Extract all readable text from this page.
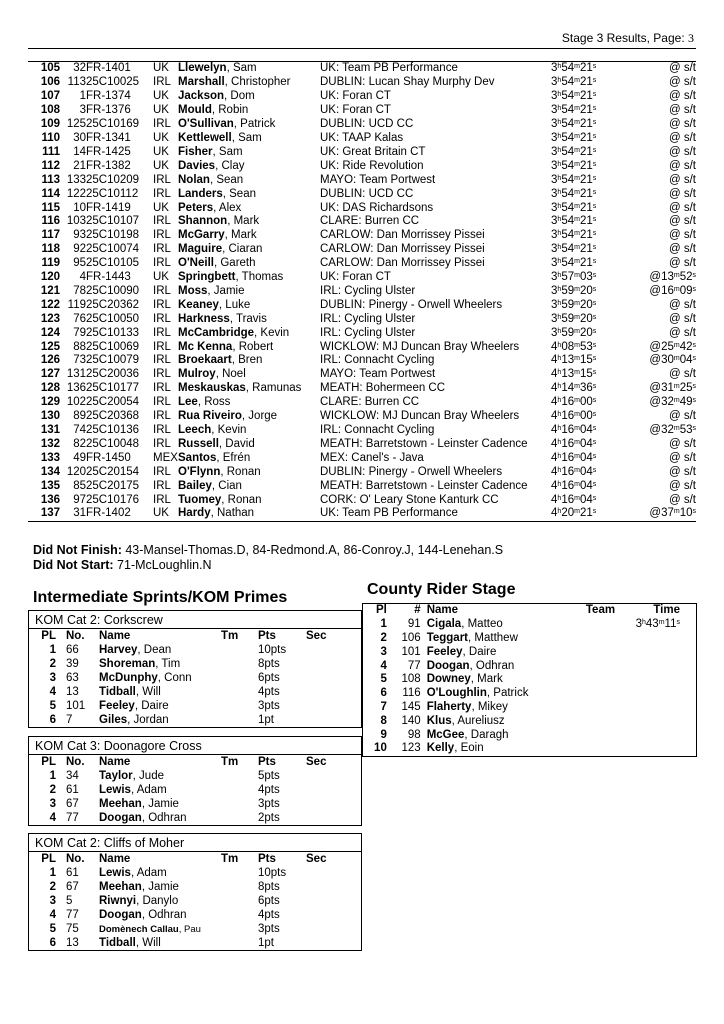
Stage 3 Results, Page: 3
105	32	FR-1401	UK	Llewelyn, Sam	UK: Team PB Performance	3$^h$54$^m$21$^s$	@ s/t
106	113	25C10025	IRL	Marshall, Christopher	DUBLIN: Lucan Shay Murphy Dev	3$^h$54$^m$21$^s$	@ s/t
107	1	FR-1374	UK	Jackson, Dom	UK: Foran CT	3$^h$54$^m$21$^s$	@ s/t
108	3	FR-1376	UK	Mould, Robin	UK: Foran CT	3$^h$54$^m$21$^s$	@ s/t
109	125	25C10169	IRL	O'Sullivan, Patrick	DUBLIN: UCD CC	3$^h$54$^m$21$^s$	@ s/t
110	30	FR-1341	UK	Kettlewell, Sam	UK: TAAP Kalas	3$^h$54$^m$21$^s$	@ s/t
111	14	FR-1425	UK	Fisher, Sam	UK: Great Britain CT	3$^h$54$^m$21$^s$	@ s/t
112	21	FR-1382	UK	Davies, Clay	UK: Ride Revolution	3$^h$54$^m$21$^s$	@ s/t
113	133	25C10209	IRL	Nolan, Sean	MAYO: Team Portwest	3$^h$54$^m$21$^s$	@ s/t
114	122	25C10112	IRL	Landers, Sean	DUBLIN: UCD CC	3$^h$54$^m$21$^s$	@ s/t
115	10	FR-1419	UK	Peters, Alex	UK: DAS Richardsons	3$^h$54$^m$21$^s$	@ s/t
116	103	25C10107	IRL	Shannon, Mark	CLARE: Burren CC	3$^h$54$^m$21$^s$	@ s/t
117	93	25C10198	IRL	McGarry, Mark	CARLOW: Dan Morrissey Pissei	3$^h$54$^m$21$^s$	@ s/t
118	92	25C10074	IRL	Maguire, Ciaran	CARLOW: Dan Morrissey Pissei	3$^h$54$^m$21$^s$	@ s/t
119	95	25C10105	IRL	O'Neill, Gareth	CARLOW: Dan Morrissey Pissei	3$^h$54$^m$21$^s$	@ s/t
120	4	FR-1443	UK	Springbett, Thomas	UK: Foran CT	3$^h$57$^m$03$^s$	@13$^m$52$^s$
121	78	25C10090	IRL	Moss, Jamie	IRL: Cycling Ulster	3$^h$59$^m$20$^s$	@16$^m$09$^s$
122	119	25C20362	IRL	Keaney, Luke	DUBLIN: Pinergy - Orwell Wheelers	3$^h$59$^m$20$^s$	@ s/t
123	76	25C10050	IRL	Harkness, Travis	IRL: Cycling Ulster	3$^h$59$^m$20$^s$	@ s/t
124	79	25C10133	IRL	McCambridge, Kevin	IRL: Cycling Ulster	3$^h$59$^m$20$^s$	@ s/t
125	88	25C10069	IRL	Mc Kenna, Robert	WICKLOW: MJ Duncan Bray Wheelers	4$^h$08$^m$53$^s$	@25$^m$42$^s$
126	73	25C10079	IRL	Broekaart, Bren	IRL: Connacht Cycling	4$^h$13$^m$15$^s$	@30$^m$04$^s$
127	131	25C20036	IRL	Mulroy, Noel	MAYO: Team Portwest	4$^h$13$^m$15$^s$	@ s/t
128	136	25C10177	IRL	Meskauskas, Ramunas	MEATH: Bohermeen CC	4$^h$14$^m$36$^s$	@31$^m$25$^s$
129	102	25C20054	IRL	Lee, Ross	CLARE: Burren CC	4$^h$16$^m$00$^s$	@32$^m$49$^s$
130	89	25C20368	IRL	Rua Riveiro, Jorge	WICKLOW: MJ Duncan Bray Wheelers	4$^h$16$^m$00$^s$	@ s/t
131	74	25C10136	IRL	Leech, Kevin	IRL: Connacht Cycling	4$^h$16$^m$04$^s$	@32$^m$53$^s$
132	82	25C10048	IRL	Russell, David	MEATH: Barretstown - Leinster Cadence	4$^h$16$^m$04$^s$	@ s/t
133	49	FR-1450	MEX	Santos, Efrén	MEX: Canel's - Java	4$^h$16$^m$04$^s$	@ s/t
134	120	25C20154	IRL	O'Flynn, Ronan	DUBLIN: Pinergy - Orwell Wheelers	4$^h$16$^m$04$^s$	@ s/t
135	85	25C20175	IRL	Bailey, Cian	MEATH: Barretstown - Leinster Cadence	4$^h$16$^m$04$^s$	@ s/t
136	97	25C10176	IRL	Tuomey, Ronan	CORK: O' Leary Stone Kanturk CC	4$^h$16$^m$04$^s$	@ s/t
137	31	FR-1402	UK	Hardy, Nathan	UK: Team PB Performance	4$^h$20$^m$21$^s$	@37$^m$10$^s$
Did Not Finish: 43-Mansel-Thomas.D, 84-Redmond.A, 86-Conroy.J, 144-Lenehan.S
Did Not Start: 71-McLoughlin.N
Intermediate Sprints/KOM Primes	County Rider Stage
KOM Cat 2: Corkscrew
PL	No.	Name	Tm	Pts	Sec
1	66	Harvey, Dean		10pts	
2	39	Shoreman, Tim		8pts	
3	63	McDunphy, Conn		6pts	
4	13	Tidball, Will		4pts	
5	101	Feeley, Daire		3pts	
6	7	Giles, Jordan		1pt	
KOM Cat 3: Doonagore Cross
PL	No.	Name	Tm	Pts	Sec
1	34	Taylor, Jude		5pts	
2	61	Lewis, Adam		4pts	
3	67	Meehan, Jamie		3pts	
4	77	Doogan, Odhran		2pts	
KOM Cat 2: Cliffs of Moher
PL	No.	Name	Tm	Pts	Sec
1	61	Lewis, Adam		10pts	
2	67	Meehan, Jamie		8pts	
3	5	Riwnyi, Danylo		6pts	
4	77	Doogan, Odhran		4pts	
5	75	Domènech Callau, Pau		3pts	
6	13	Tidball, Will		1pt	
Pl	#	Name	Team	Time
1	91	Cigala, Matteo		3$^h$43$^m$11$^s$
2	106	Teggart, Matthew		
3	101	Feeley, Daire		
4	77	Doogan, Odhran		
5	108	Downey, Mark		
6	116	O'Loughlin, Patrick		
7	145	Flaherty, Mikey		
8	140	Klus, Aureliusz		
9	98	McGee, Daragh		
10	123	Kelly, Eoin		
